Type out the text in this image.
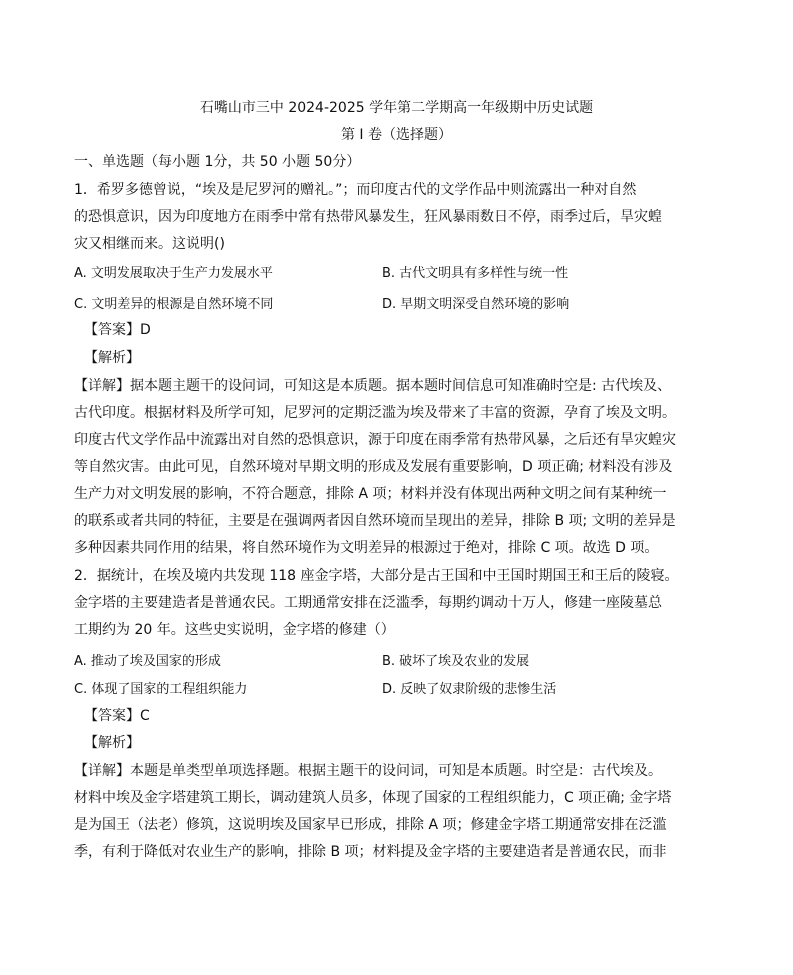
石嘴山市三中 2024-2025 学年第二学期高一年级期中历史试题
第 I 卷（选择题）
一、单选题（每小题 1分，共 50 小题 50分）
1．希罗多德曾说，“埃及是尼罗河的赠礼。”；而印度古代的文学作品中则流露出一种对自然
的恐惧意识，因为印度地方在雨季中常有热带风暴发生，狂风暴雨数日不停，雨季过后，旱灾蝗
灾又相继而来。这说明()
A. 文明发展取决于生产力发展水平	B. 古代文明具有多样性与统一性
C. 文明差异的根源是自然环境不同	D. 早期文明深受自然环境的影响
【答案】D
【解析】
【详解】据本题主题干的设问词，可知这是本质题。据本题时间信息可知准确时空是: 古代埃及、
古代印度。根据材料及所学可知，尼罗河的定期泛滥为埃及带来了丰富的资源，孕育了埃及文明。
印度古代文学作品中流露出对自然的恐惧意识，源于印度在雨季常有热带风暴，之后还有旱灾蝗灾
等自然灾害。由此可见，自然环境对早期文明的形成及发展有重要影响，D 项正确; 材料没有涉及
生产力对文明发展的影响，不符合题意，排除 A 项；材料并没有体现出两种文明之间有某种统一
的联系或者共同的特征，主要是在强调两者因自然环境而呈现出的差异，排除 B 项; 文明的差异是
多种因素共同作用的结果，将自然环境作为文明差异的根源过于绝对，排除 C 项。故选 D 项。
2．据统计，在埃及境内共发现 118 座金字塔，大部分是古王国和中王国时期国王和王后的陵寝。
金字塔的主要建造者是普通农民。工期通常安排在泛滥季，每期约调动十万人，修建一座陵墓总
工期约为 20 年。这些史实说明，金字塔的修建（）
A. 推动了埃及国家的形成	B. 破坏了埃及农业的发展
C. 体现了国家的工程组织能力	D. 反映了奴隶阶级的悲惨生活
【答案】C
【解析】
【详解】本题是单类型单项选择题。根据主题干的设问词，可知是本质题。时空是：古代埃及。
材料中埃及金字塔建筑工期长，调动建筑人员多，体现了国家的工程组织能力，C 项正确; 金字塔
是为国王（法老）修筑，这说明埃及国家早已形成，排除 A 项；修建金字塔工期通常安排在泛滥
季，有利于降低对农业生产的影响，排除 B 项；材料提及金字塔的主要建造者是普通农民，而非
